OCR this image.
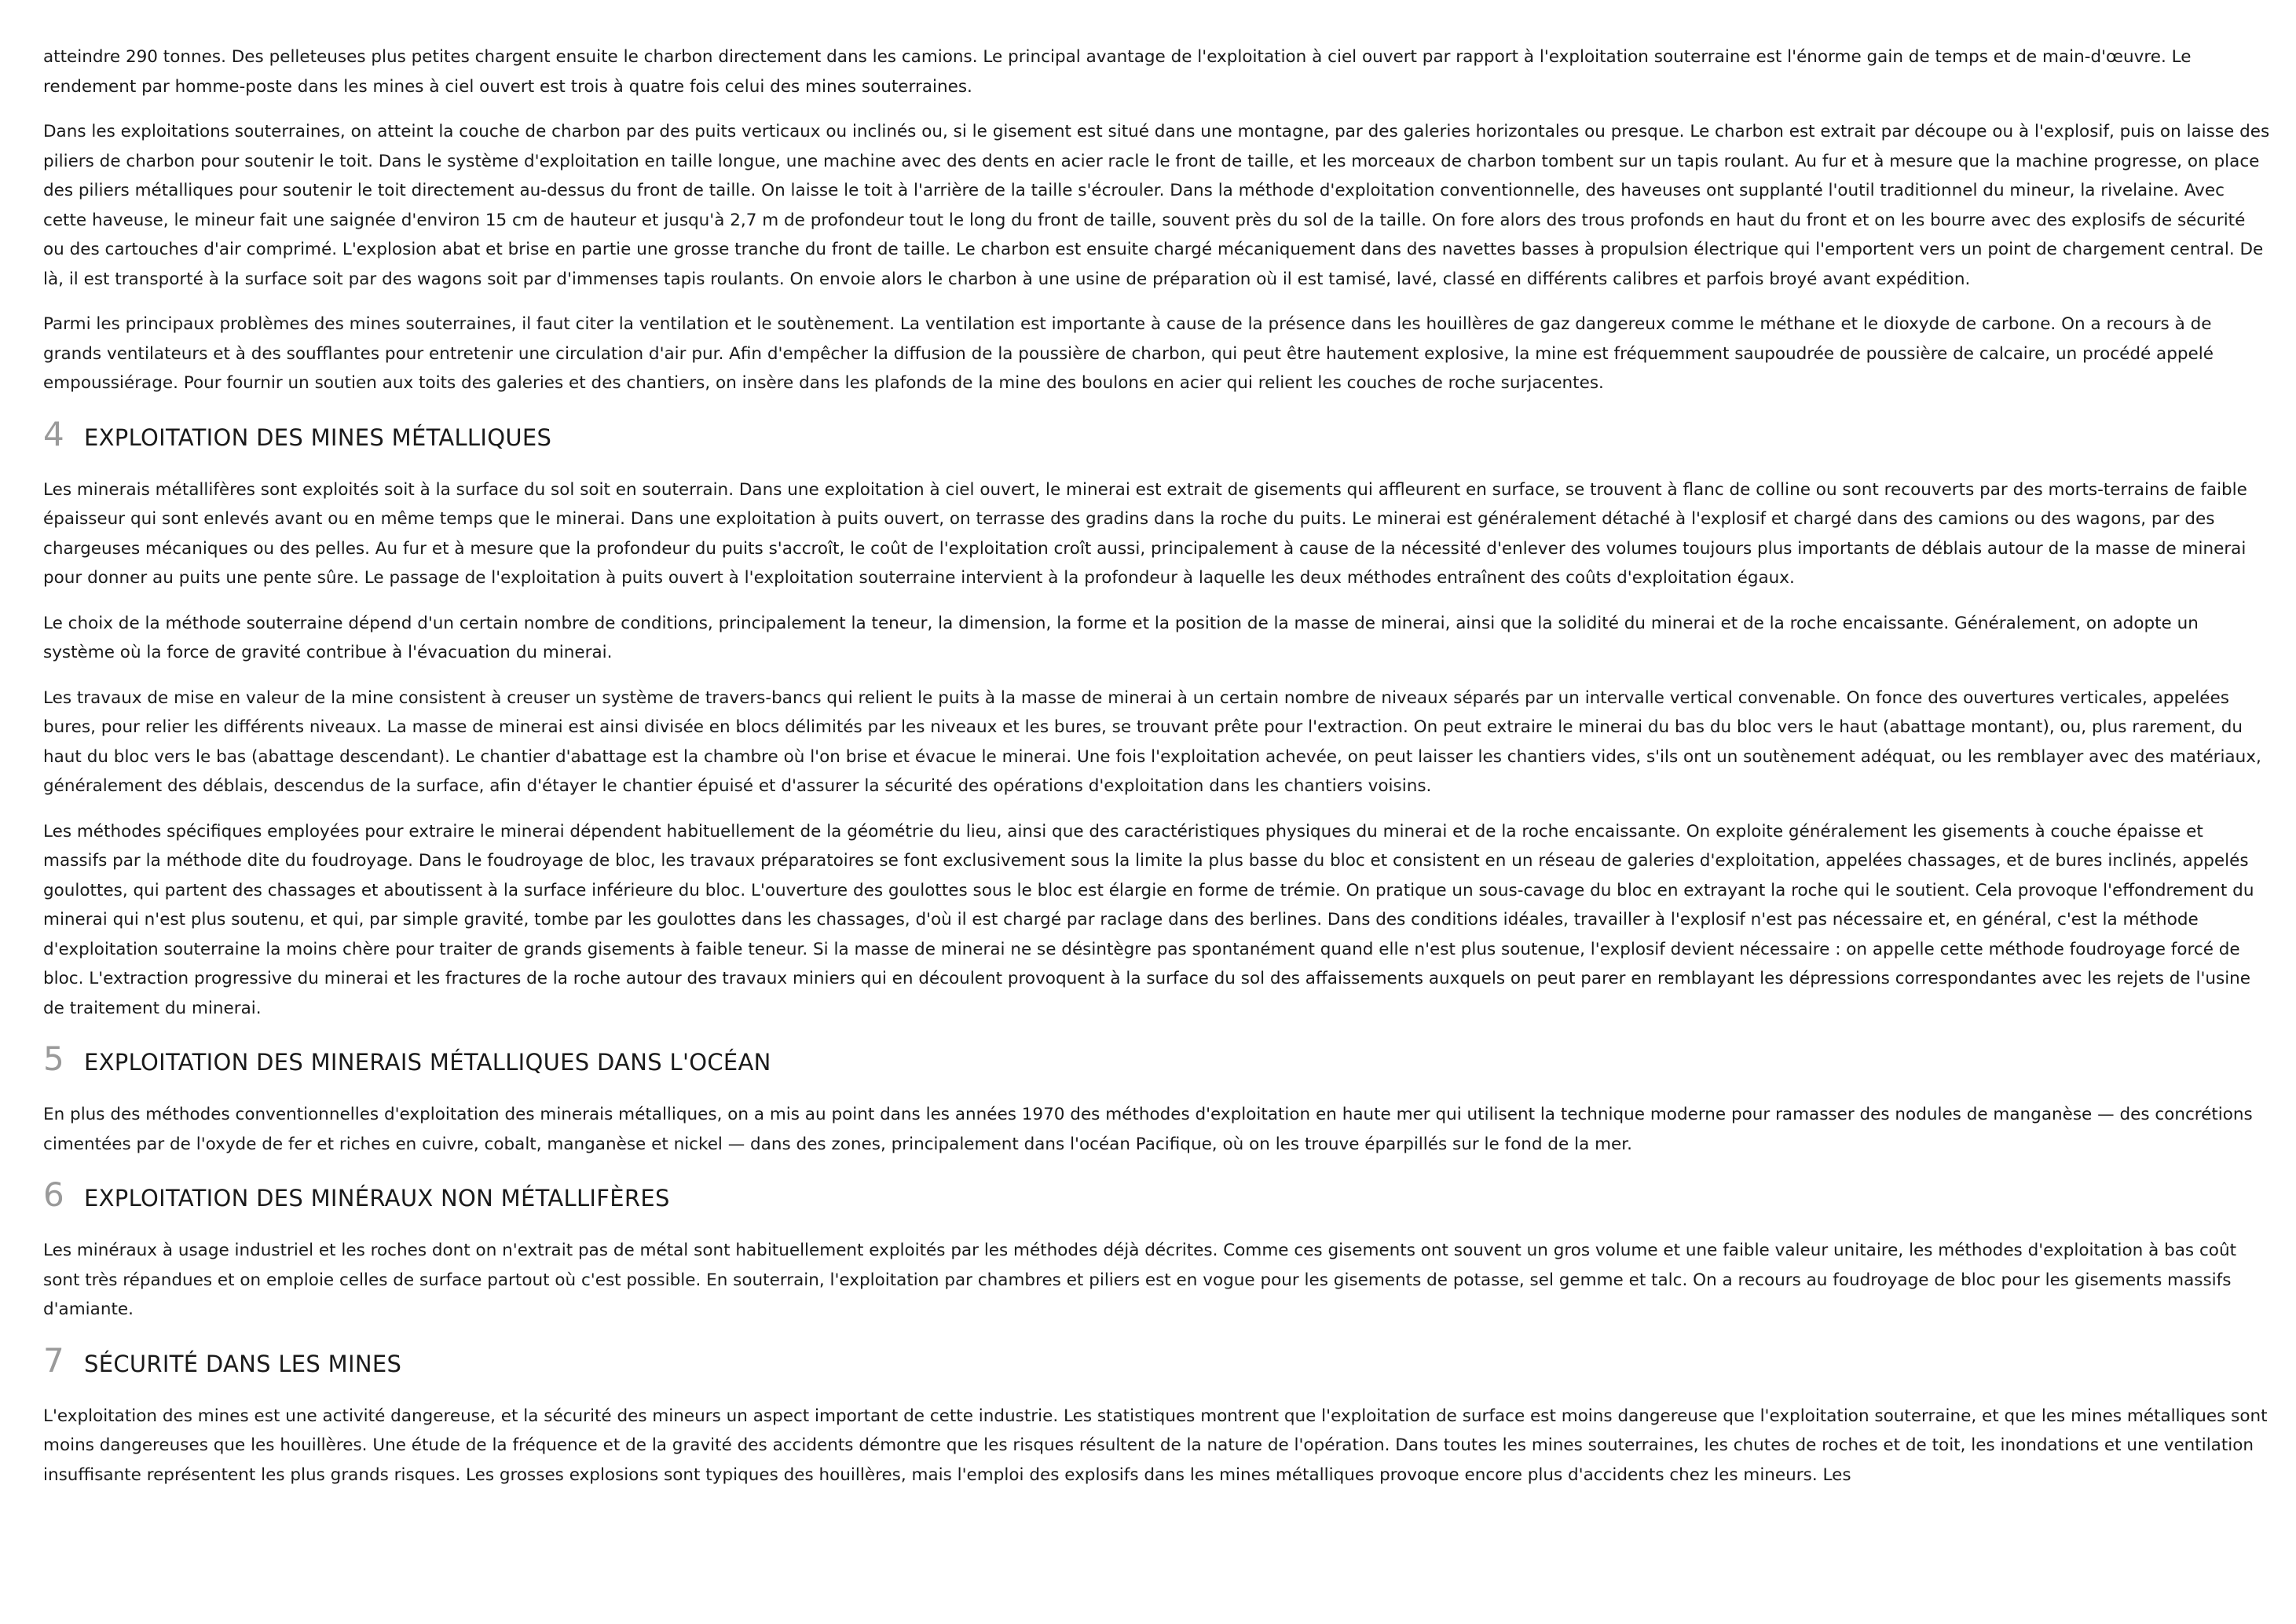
atteindre 290 tonnes. Des pelleteuses plus petites chargent ensuite le charbon directement dans les camions. Le principal avantage de l'exploitation à ciel ouvert par rapport à l'exploitation souterraine est l'énorme gain de temps et de main-d'œuvre. Le rendement par homme-poste dans les mines à ciel ouvert est trois à quatre fois celui des mines souterraines.

Dans les exploitations souterraines, on atteint la couche de charbon par des puits verticaux ou inclinés ou, si le gisement est situé dans une montagne, par des galeries horizontales ou presque. Le charbon est extrait par découpe ou à l'explosif, puis on laisse des piliers de charbon pour soutenir le toit. Dans le système d'exploitation en taille longue, une machine avec des dents en acier racle le front de taille, et les morceaux de charbon tombent sur un tapis roulant. Au fur et à mesure que la machine progresse, on place des piliers métalliques pour soutenir le toit directement au-dessus du front de taille. On laisse le toit à l'arrière de la taille s'écrouler. Dans la méthode d'exploitation conventionnelle, des haveuses ont supplanté l'outil traditionnel du mineur, la rivelaine. Avec cette haveuse, le mineur fait une saignée d'environ 15 cm de hauteur et jusqu'à 2,7 m de profondeur tout le long du front de taille, souvent près du sol de la taille. On fore alors des trous profonds en haut du front et on les bourre avec des explosifs de sécurité ou des cartouches d'air comprimé. L'explosion abat et brise en partie une grosse tranche du front de taille. Le charbon est ensuite chargé mécaniquement dans des navettes basses à propulsion électrique qui l'emportent vers un point de chargement central. De là, il est transporté à la surface soit par des wagons soit par d'immenses tapis roulants. On envoie alors le charbon à une usine de préparation où il est tamisé, lavé, classé en différents calibres et parfois broyé avant expédition.

Parmi les principaux problèmes des mines souterraines, il faut citer la ventilation et le soutènement. La ventilation est importante à cause de la présence dans les houillères de gaz dangereux comme le méthane et le dioxyde de carbone. On a recours à de grands ventilateurs et à des soufflantes pour entretenir une circulation d'air pur. Afin d'empêcher la diffusion de la poussière de charbon, qui peut être hautement explosive, la mine est fréquemment saupoudrée de poussière de calcaire, un procédé appelé empoussiérage. Pour fournir un soutien aux toits des galeries et des chantiers, on insère dans les plafonds de la mine des boulons en acier qui relient les couches de roche surjacentes.

4 EXPLOITATION DES MINES MÉTALLIQUES

Les minerais métallifères sont exploités soit à la surface du sol soit en souterrain. Dans une exploitation à ciel ouvert, le minerai est extrait de gisements qui affleurent en surface, se trouvent à flanc de colline ou sont recouverts par des morts-terrains de faible épaisseur qui sont enlevés avant ou en même temps que le minerai. Dans une exploitation à puits ouvert, on terrasse des gradins dans la roche du puits. Le minerai est généralement détaché à l'explosif et chargé dans des camions ou des wagons, par des chargeuses mécaniques ou des pelles. Au fur et à mesure que la profondeur du puits s'accroît, le coût de l'exploitation croît aussi, principalement à cause de la nécessité d'enlever des volumes toujours plus importants de déblais autour de la masse de minerai pour donner au puits une pente sûre. Le passage de l'exploitation à puits ouvert à l'exploitation souterraine intervient à la profondeur à laquelle les deux méthodes entraînent des coûts d'exploitation égaux.

Le choix de la méthode souterraine dépend d'un certain nombre de conditions, principalement la teneur, la dimension, la forme et la position de la masse de minerai, ainsi que la solidité du minerai et de la roche encaissante. Généralement, on adopte un système où la force de gravité contribue à l'évacuation du minerai.

Les travaux de mise en valeur de la mine consistent à creuser un système de travers-bancs qui relient le puits à la masse de minerai à un certain nombre de niveaux séparés par un intervalle vertical convenable. On fonce des ouvertures verticales, appelées bures, pour relier les différents niveaux. La masse de minerai est ainsi divisée en blocs délimités par les niveaux et les bures, se trouvant prête pour l'extraction. On peut extraire le minerai du bas du bloc vers le haut (abattage montant), ou, plus rarement, du haut du bloc vers le bas (abattage descendant). Le chantier d'abattage est la chambre où l'on brise et évacue le minerai. Une fois l'exploitation achevée, on peut laisser les chantiers vides, s'ils ont un soutènement adéquat, ou les remblayer avec des matériaux, généralement des déblais, descendus de la surface, afin d'étayer le chantier épuisé et d'assurer la sécurité des opérations d'exploitation dans les chantiers voisins.

Les méthodes spécifiques employées pour extraire le minerai dépendent habituellement de la géométrie du lieu, ainsi que des caractéristiques physiques du minerai et de la roche encaissante. On exploite généralement les gisements à couche épaisse et massifs par la méthode dite du foudroyage. Dans le foudroyage de bloc, les travaux préparatoires se font exclusivement sous la limite la plus basse du bloc et consistent en un réseau de galeries d'exploitation, appelées chassages, et de bures inclinés, appelés goulottes, qui partent des chassages et aboutissent à la surface inférieure du bloc. L'ouverture des goulottes sous le bloc est élargie en forme de trémie. On pratique un sous-cavage du bloc en extrayant la roche qui le soutient. Cela provoque l'effondrement du minerai qui n'est plus soutenu, et qui, par simple gravité, tombe par les goulottes dans les chassages, d'où il est chargé par raclage dans des berlines. Dans des conditions idéales, travailler à l'explosif n'est pas nécessaire et, en général, c'est la méthode d'exploitation souterraine la moins chère pour traiter de grands gisements à faible teneur. Si la masse de minerai ne se désintègre pas spontanément quand elle n'est plus soutenue, l'explosif devient nécessaire : on appelle cette méthode foudroyage forcé de bloc. L'extraction progressive du minerai et les fractures de la roche autour des travaux miniers qui en découlent provoquent à la surface du sol des affaissements auxquels on peut parer en remblayant les dépressions correspondantes avec les rejets de l'usine de traitement du minerai.

5 EXPLOITATION DES MINERAIS MÉTALLIQUES DANS L'OCÉAN

En plus des méthodes conventionnelles d'exploitation des minerais métalliques, on a mis au point dans les années 1970 des méthodes d'exploitation en haute mer qui utilisent la technique moderne pour ramasser des nodules de manganèse — des concrétions cimentées par de l'oxyde de fer et riches en cuivre, cobalt, manganèse et nickel — dans des zones, principalement dans l'océan Pacifique, où on les trouve éparpillés sur le fond de la mer.

6 EXPLOITATION DES MINÉRAUX NON MÉTALLIFÈRES

Les minéraux à usage industriel et les roches dont on n'extrait pas de métal sont habituellement exploités par les méthodes déjà décrites. Comme ces gisements ont souvent un gros volume et une faible valeur unitaire, les méthodes d'exploitation à bas coût sont très répandues et on emploie celles de surface partout où c'est possible. En souterrain, l'exploitation par chambres et piliers est en vogue pour les gisements de potasse, sel gemme et talc. On a recours au foudroyage de bloc pour les gisements massifs d'amiante.

7 SÉCURITÉ DANS LES MINES

L'exploitation des mines est une activité dangereuse, et la sécurité des mineurs un aspect important de cette industrie. Les statistiques montrent que l'exploitation de surface est moins dangereuse que l'exploitation souterraine, et que les mines métalliques sont moins dangereuses que les houillères. Une étude de la fréquence et de la gravité des accidents démontre que les risques résultent de la nature de l'opération. Dans toutes les mines souterraines, les chutes de roches et de toit, les inondations et une ventilation insuffisante représentent les plus grands risques. Les grosses explosions sont typiques des houillères, mais l'emploi des explosifs dans les mines métalliques provoque encore plus d'accidents chez les mineurs. Les
